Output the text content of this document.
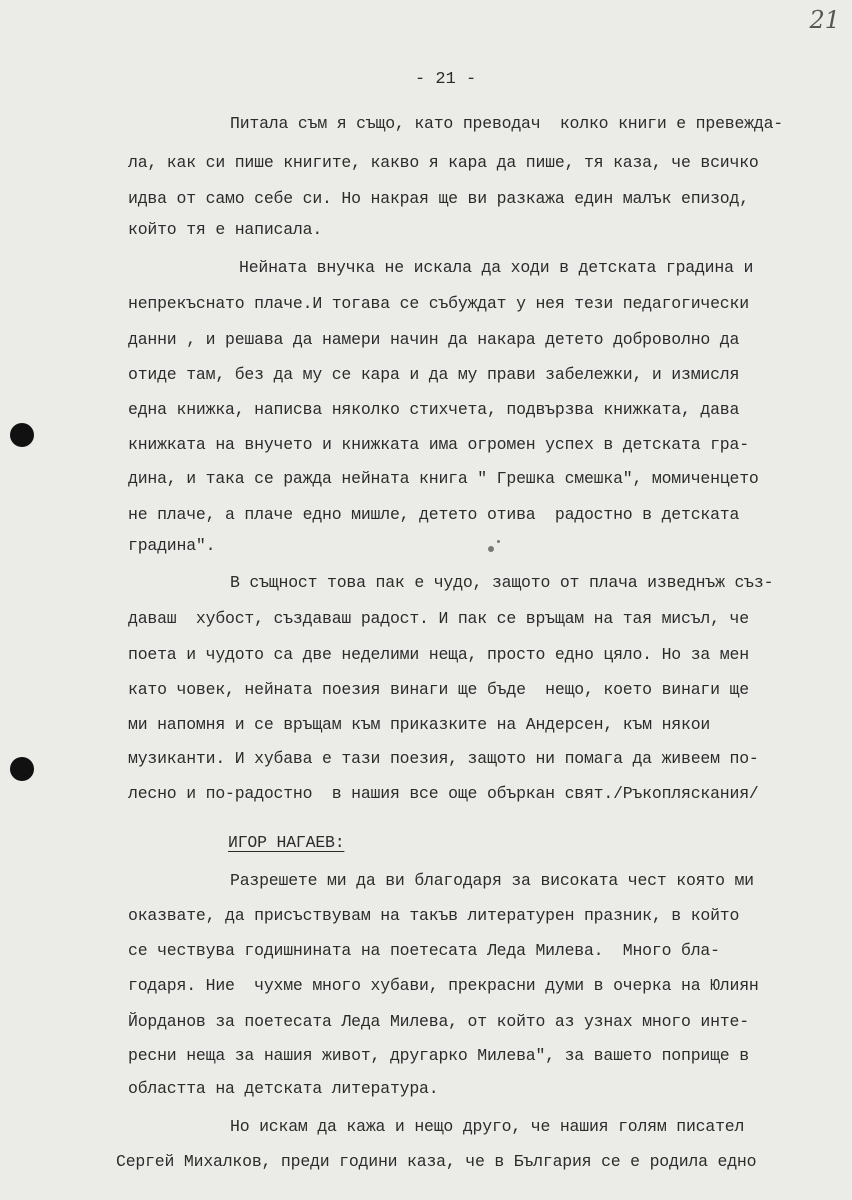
21
- 21 -
Питала съм я също, като преводач  колко книги е превежда-
ла, как си пише книгите, какво я кара да пише, тя каза, че всичко
идва от само себе си. Но накрая ще ви разкажа един малък епизод,
който тя е написала.
Нейната внучка не искала да ходи в детската градина и
непрекъснато плаче.И тогава се събуждат у нея тези педагогически
данни , и решава да намери начин да накара детето доброволно да
отиде там, без да му се кара и да му прави забележки, и измисля
една книжка, написва няколко стихчета, подвързва книжката, дава
книжката на внучето и книжката има огромен успех в детската гра-
дина, и така се ражда нейната книга " Грешка смешка", момиченцето
не плаче, а плаче едно мишле, детето отива  радостно в детската
градина".
В същност това пак е чудо, защото от плача изведнъж съз-
даваш  хубост, създаваш радост. И пак се връщам на тая мисъл, че
поета и чудото са две неделими неща, просто едно цяло. Но за мен
като човек, нейната поезия винаги ще бъде  нещо, което винаги ще
ми напомня и се връщам към приказките на Андерсен, към някои
музиканти. И хубава е тази поезия, защото ни помага да живеем по-
лесно и по-радостно  в нашия все още объркан свят./Ръкопляскания/
ИГОР НАГАЕВ:
Разрешете ми да ви благодаря за високата чест която ми
оказвате, да присъствувам на такъв литературен празник, в който
се чествува годишнината на поетесата Леда Милева.  Много бла-
годаря. Ние  чухме много хубави, прекрасни думи в очерка на Юлиян
Йорданов за поетесата Леда Милева, от който аз узнах много инте-
ресни неща за нашия живот, другарко Милева", за вашето поприще в
областта на детската литература.
Но искам да кажа и нещо друго, че нашия голям писател
Сергей Михалков, преди години каза, че в България се е родила едно
